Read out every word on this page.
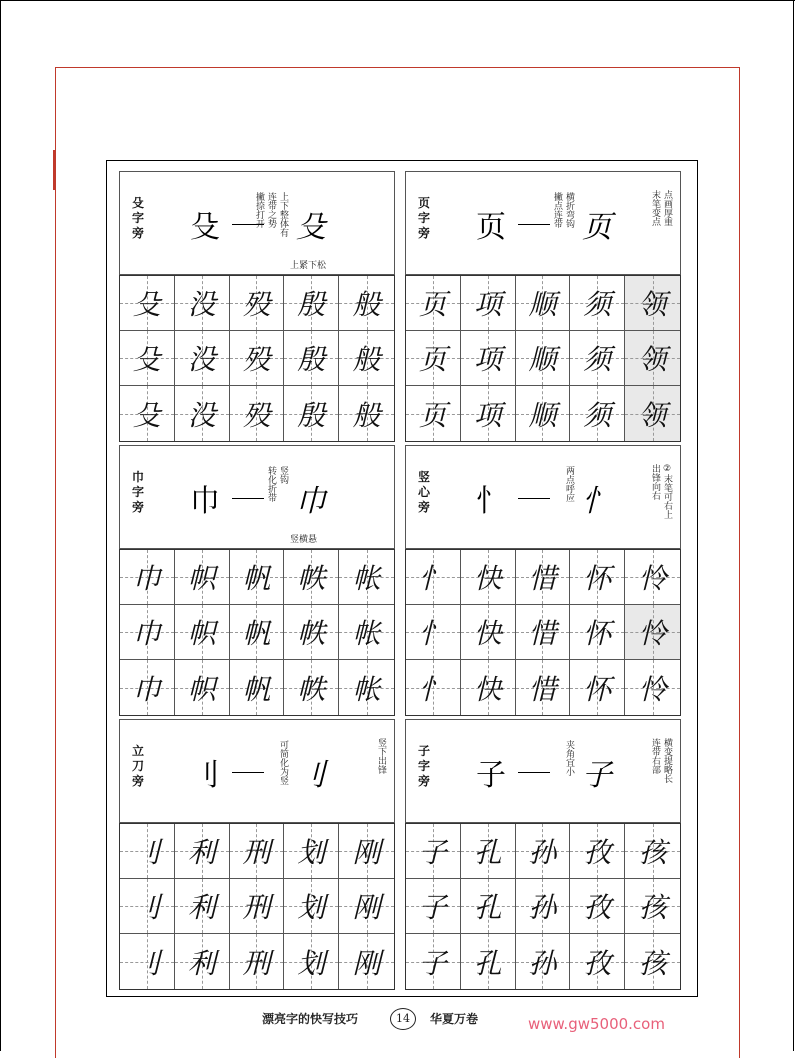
殳字旁	殳	殳
上下整体有
连带之势
撇捺打开
上紧下松
殳 没 殁 殷 般
殳 没 殁 殷 般
殳 没 殁 殷 般
页字旁	页	页
横折弯钩
撇点连带	点画厚重
末笔变点
页 项 顺 须 领
页 项 顺 须 领
页 项 顺 须 领
巾字旁	巾	巾
竖钩
转化折带
竖横悬
巾 帜 帆 帙 帐
巾 帜 帆 帙 帐
巾 帜 帆 帙 帐
竖心旁	忄	忄
两点呼应	②末笔可右上
出锋向右
忄 快 惜 怀 怜
忄 快 惜 怀 怜
忄 快 惜 怀 怜
立刀旁	刂	刂
可简化为竖	竖下出锋
刂 利 刑 划 刚
刂 利 刑 划 刚
刂 利 刑 划 刚
子字旁	子	子
夹角宜小	横变提略长
连带右部
子 孔 孙 孜 孩
子 孔 孙 孜 孩
子 孔 孙 孜 孩
漂亮字的快写技巧	14	华夏万卷	www.gw5000.com
